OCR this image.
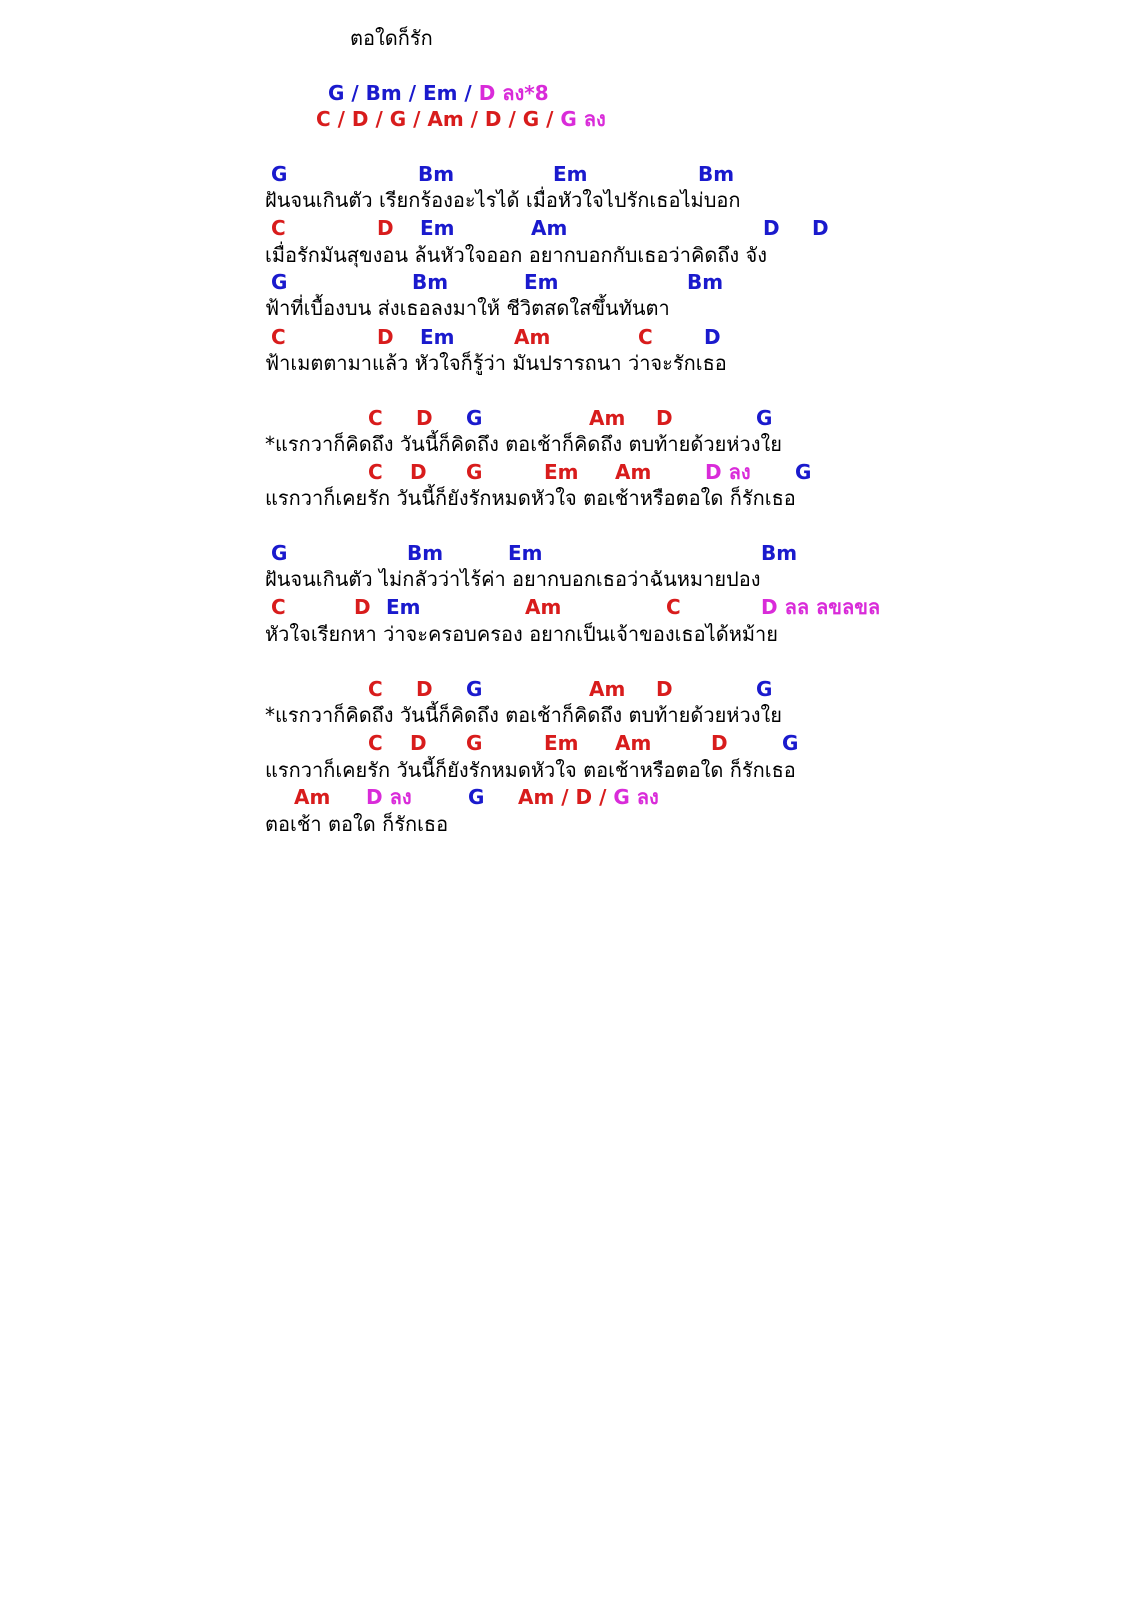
ตอใดก็รัก
G / Bm / Em / D ลง*8
C / D / G / Am / D / G / G ลง
G	Bm	Em	Bm
ฝันจนเกินตัว เรียกร้องอะไรได้ เมื่อหัวใจไปรักเธอไม่บอก
C	D Em	Am	D D
เมื่อรักมันสุขงอน ล้นหัวใจออก อยากบอกกับเธอว่าคิดถึง จัง
G	Bm	Em	Bm
ฟ้าที่เบื้องบน ส่งเธอลงมาให้ ชีวิตสดใสขึ้นทันตา
C	D Em	Am	C	D
ฟ้าเมตตามาแล้ว หัวใจก็รู้ว่า มันปรารถนา ว่าจะรักเธอ
C D G	Am D	G
*แรกวาก็คิดถึง วันนี้ก็คิดถึง ตอเช้าก็คิดถึง ตบท้ายด้วยห่วงใย
C D G	Em Am	D ลง G
แรกวาก็เคยรัก วันนี้ก็ยังรักหมดหัวใจ ตอเช้าหรือตอใด ก็รักเธอ
G	Bm	Em	Bm
ฝันจนเกินตัว ไม่กลัวว่าไร้ค่า อยากบอกเธอว่าฉันหมายปอง
C	D Em	Am	C	D ลล ลขลขล
หัวใจเรียกหา ว่าจะครอบครอง อยากเป็นเจ้าของเธอได้หม้าย
C D G	Am D	G
*แรกวาก็คิดถึง วันนี้ก็คิดถึง ตอเช้าก็คิดถึง ตบท้ายด้วยห่วงใย
C D G	Em Am	D	G
แรกวาก็เคยรัก วันนี้ก็ยังรักหมดหัวใจ ตอเช้าหรือตอใด ก็รักเธอ
Am D ลง	G Am / D / G ลง
ตอเช้า ตอใด ก็รักเธอ
